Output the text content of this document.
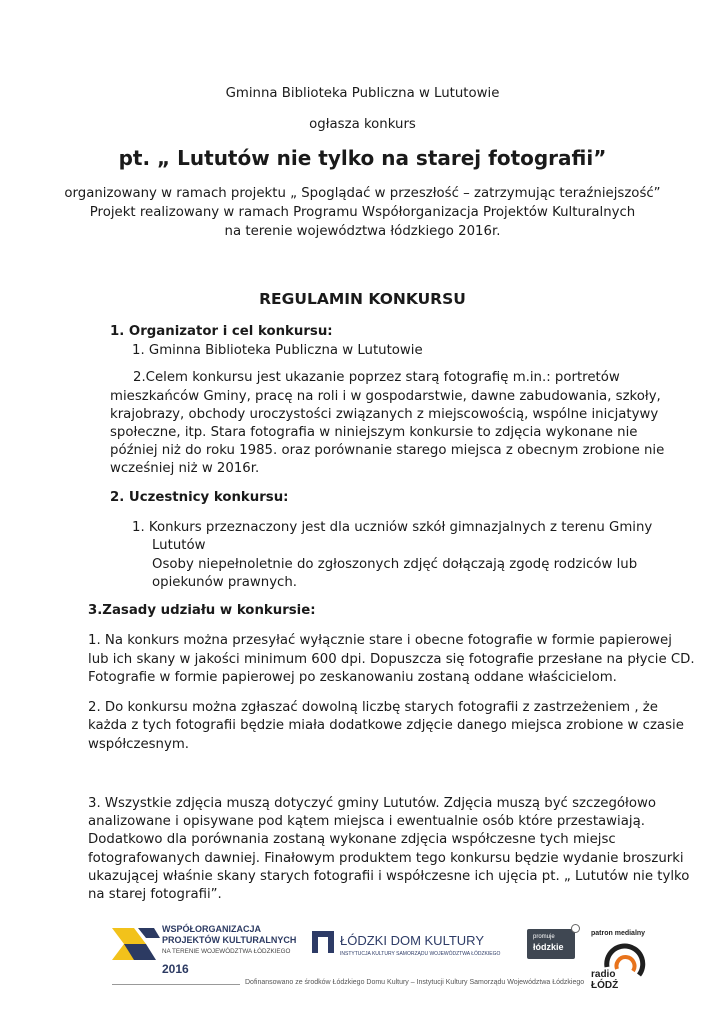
Gminna Biblioteka Publiczna w Lututowie
ogłasza konkurs
pt. „ Lututów nie tylko na starej fotografii”
organizowany w ramach projektu „ Spoglądać w przeszłość – zatrzymując teraźniejszość”
Projekt realizowany w ramach Programu Współorganizacja Projektów Kulturalnych
na terenie województwa łódzkiego 2016r.
REGULAMIN KONKURSU
1. Organizator i cel konkursu:
1. Gminna Biblioteka Publiczna w Lututowie
2.Celem konkursu jest ukazanie poprzez starą fotografię m.in.: portretów
mieszkańców Gminy, pracę na roli i w gospodarstwie, dawne zabudowania, szkoły,
krajobrazy, obchody uroczystości związanych z miejscowością, wspólne inicjatywy
społeczne, itp. Stara fotografia w niniejszym konkursie to zdjęcia wykonane nie
później niż do roku 1985. oraz porównanie starego miejsca z obecnym zrobione nie
wcześniej niż w 2016r.
2. Uczestnicy konkursu:
1. Konkurs przeznaczony jest dla uczniów szkół gimnazjalnych z terenu Gminy
Lututów
Osoby niepełnoletnie do zgłoszonych zdjęć dołączają zgodę rodziców lub
opiekunów prawnych.
3.Zasady udziału w konkursie:
1. Na konkurs można przesyłać wyłącznie stare i obecne fotografie w formie papierowej
lub ich skany w jakości minimum 600 dpi. Dopuszcza się fotografie przesłane na płycie CD.
Fotografie w formie papierowej po zeskanowaniu zostaną oddane właścicielom.
2. Do konkursu można zgłaszać dowolną liczbę starych fotografii z zastrzeżeniem , że
każda z tych fotografii będzie miała dodatkowe zdjęcie danego miejsca zrobione w czasie
współczesnym.
3. Wszystkie zdjęcia muszą dotyczyć gminy Lututów. Zdjęcia muszą być szczegółowo
analizowane i opisywane pod kątem miejsca i ewentualnie osób które przestawiają.
Dodatkowo dla porównania zostaną wykonane zdjęcia współczesne tych miejsc
fotografowanych dawniej. Finałowym produktem tego konkursu będzie wydanie broszurki
ukazującej właśnie skany starych fotografii i współczesne ich ujęcia pt. „ Lututów nie tylko
na starej fotografii”.
WSPÓŁORGANIZACJA
PROJEKTÓW KULTURALNYCH
NA TERENIE WOJEWÓDZTWA ŁÓDZKIEGO
2016
ŁÓDZKI DOM KULTURY
INSTYTUCJA KULTURY SAMORZĄDU WOJEWÓDZTWA ŁÓDZKIEGO
promuje
łódzkie
patron medialny
radio
ŁÓDŹ
Dofinansowano ze środków Łódzkiego Domu Kultury – Instytucji Kultury Samorządu Województwa Łódzkiego
